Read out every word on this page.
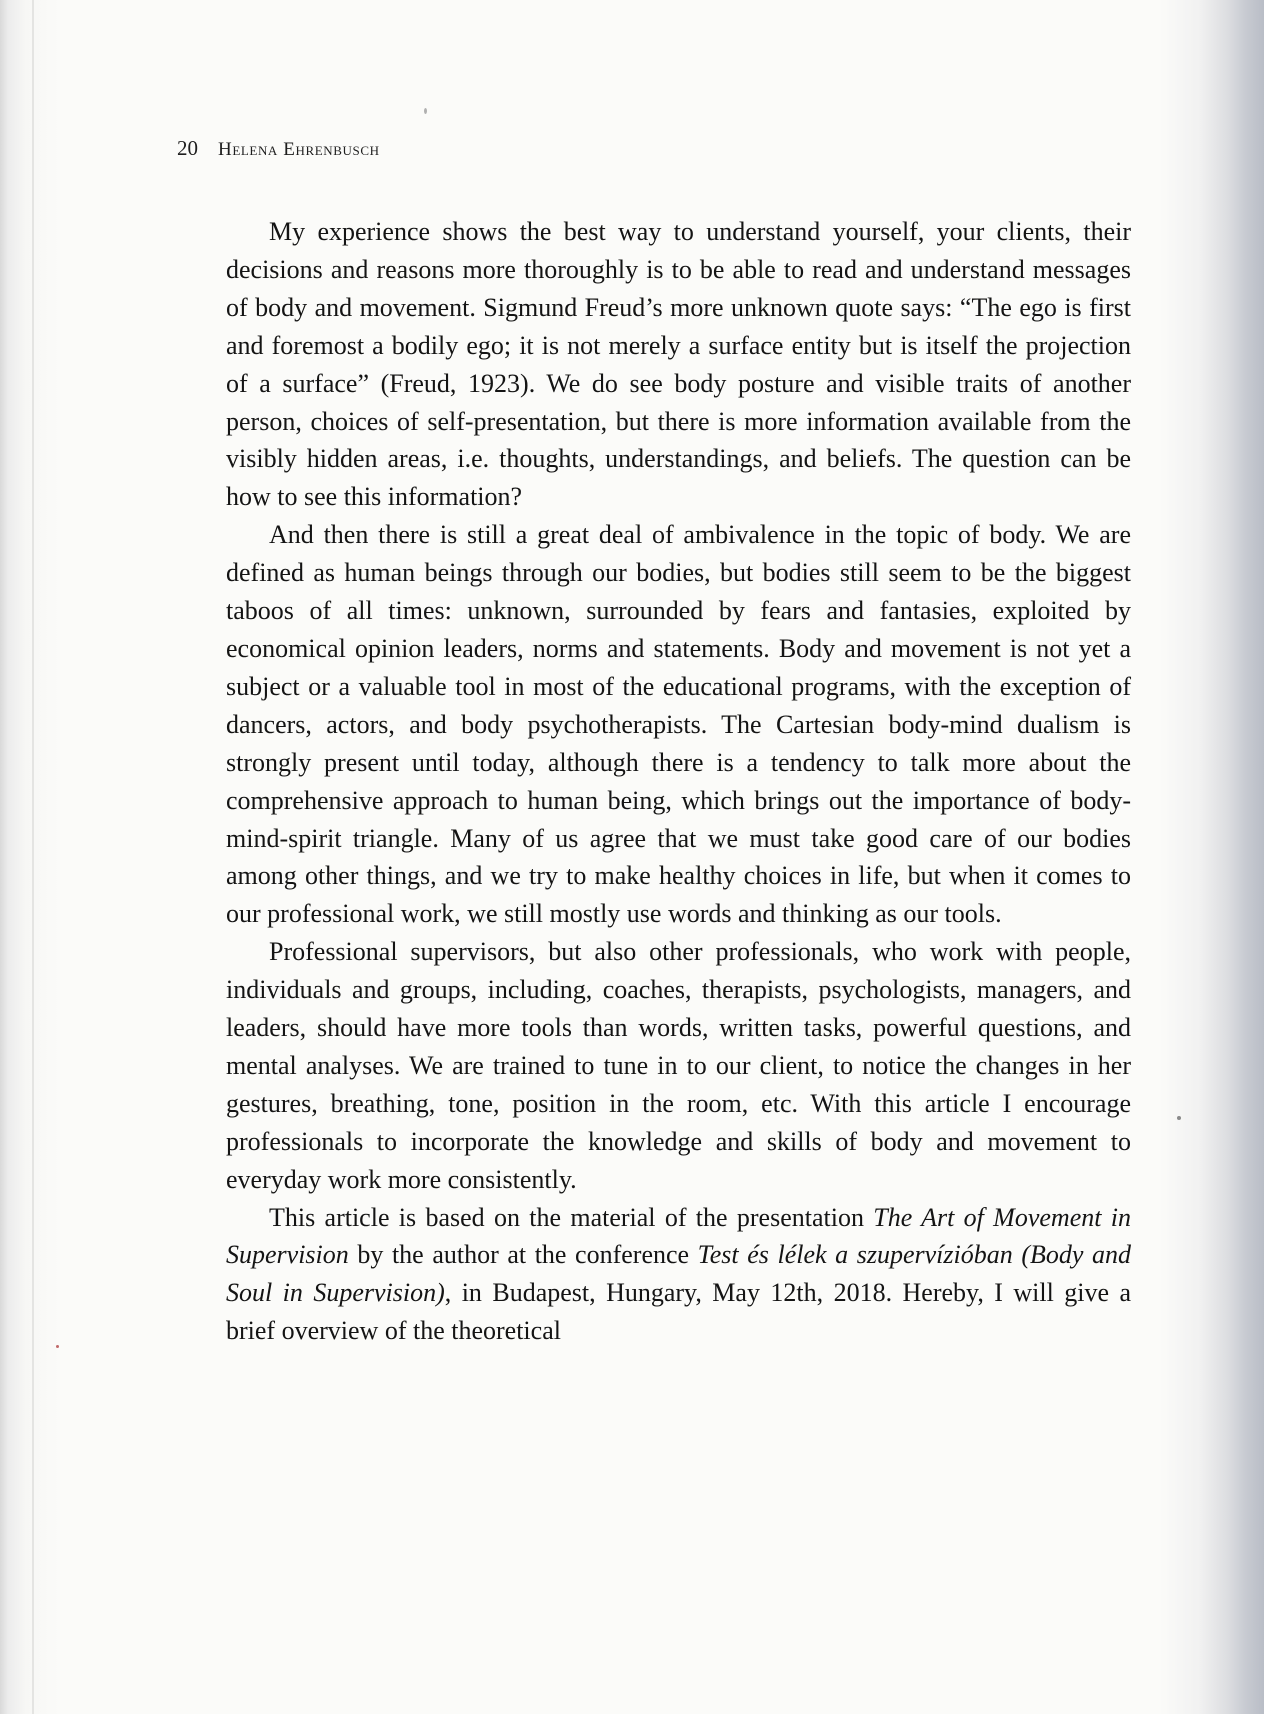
20 Helena Ehrenbusch

My experience shows the best way to understand yourself, your clients, their decisions and reasons more thoroughly is to be able to read and understand messages of body and movement. Sigmund Freud’s more unknown quote says: “The ego is first and foremost a bodily ego; it is not merely a surface entity but is itself the projection of a surface” (Freud, 1923). We do see body posture and visible traits of another person, choices of self-presentation, but there is more information available from the visibly hidden areas, i.e. thoughts, understandings, and beliefs. The question can be how to see this information?

And then there is still a great deal of ambivalence in the topic of body. We are defined as human beings through our bodies, but bodies still seem to be the biggest taboos of all times: unknown, surrounded by fears and fantasies, exploited by economical opinion leaders, norms and statements. Body and movement is not yet a subject or a valuable tool in most of the educational programs, with the exception of dancers, actors, and body psychotherapists. The Cartesian body-mind dualism is strongly present until today, although there is a tendency to talk more about the comprehensive approach to human being, which brings out the importance of body-mind-spirit triangle. Many of us agree that we must take good care of our bodies among other things, and we try to make healthy choices in life, but when it comes to our professional work, we still mostly use words and thinking as our tools.

Professional supervisors, but also other professionals, who work with people, individuals and groups, including, coaches, therapists, psychologists, managers, and leaders, should have more tools than words, written tasks, powerful questions, and mental analyses. We are trained to tune in to our client, to notice the changes in her gestures, breathing, tone, position in the room, etc. With this article I encourage professionals to incorporate the knowledge and skills of body and movement to everyday work more consistently.

This article is based on the material of the presentation The Art of Movement in Supervision by the author at the conference Test és lélek a szupervízióban (Body and Soul in Supervision), in Budapest, Hungary, May 12th, 2018. Hereby, I will give a brief overview of the theoretical
